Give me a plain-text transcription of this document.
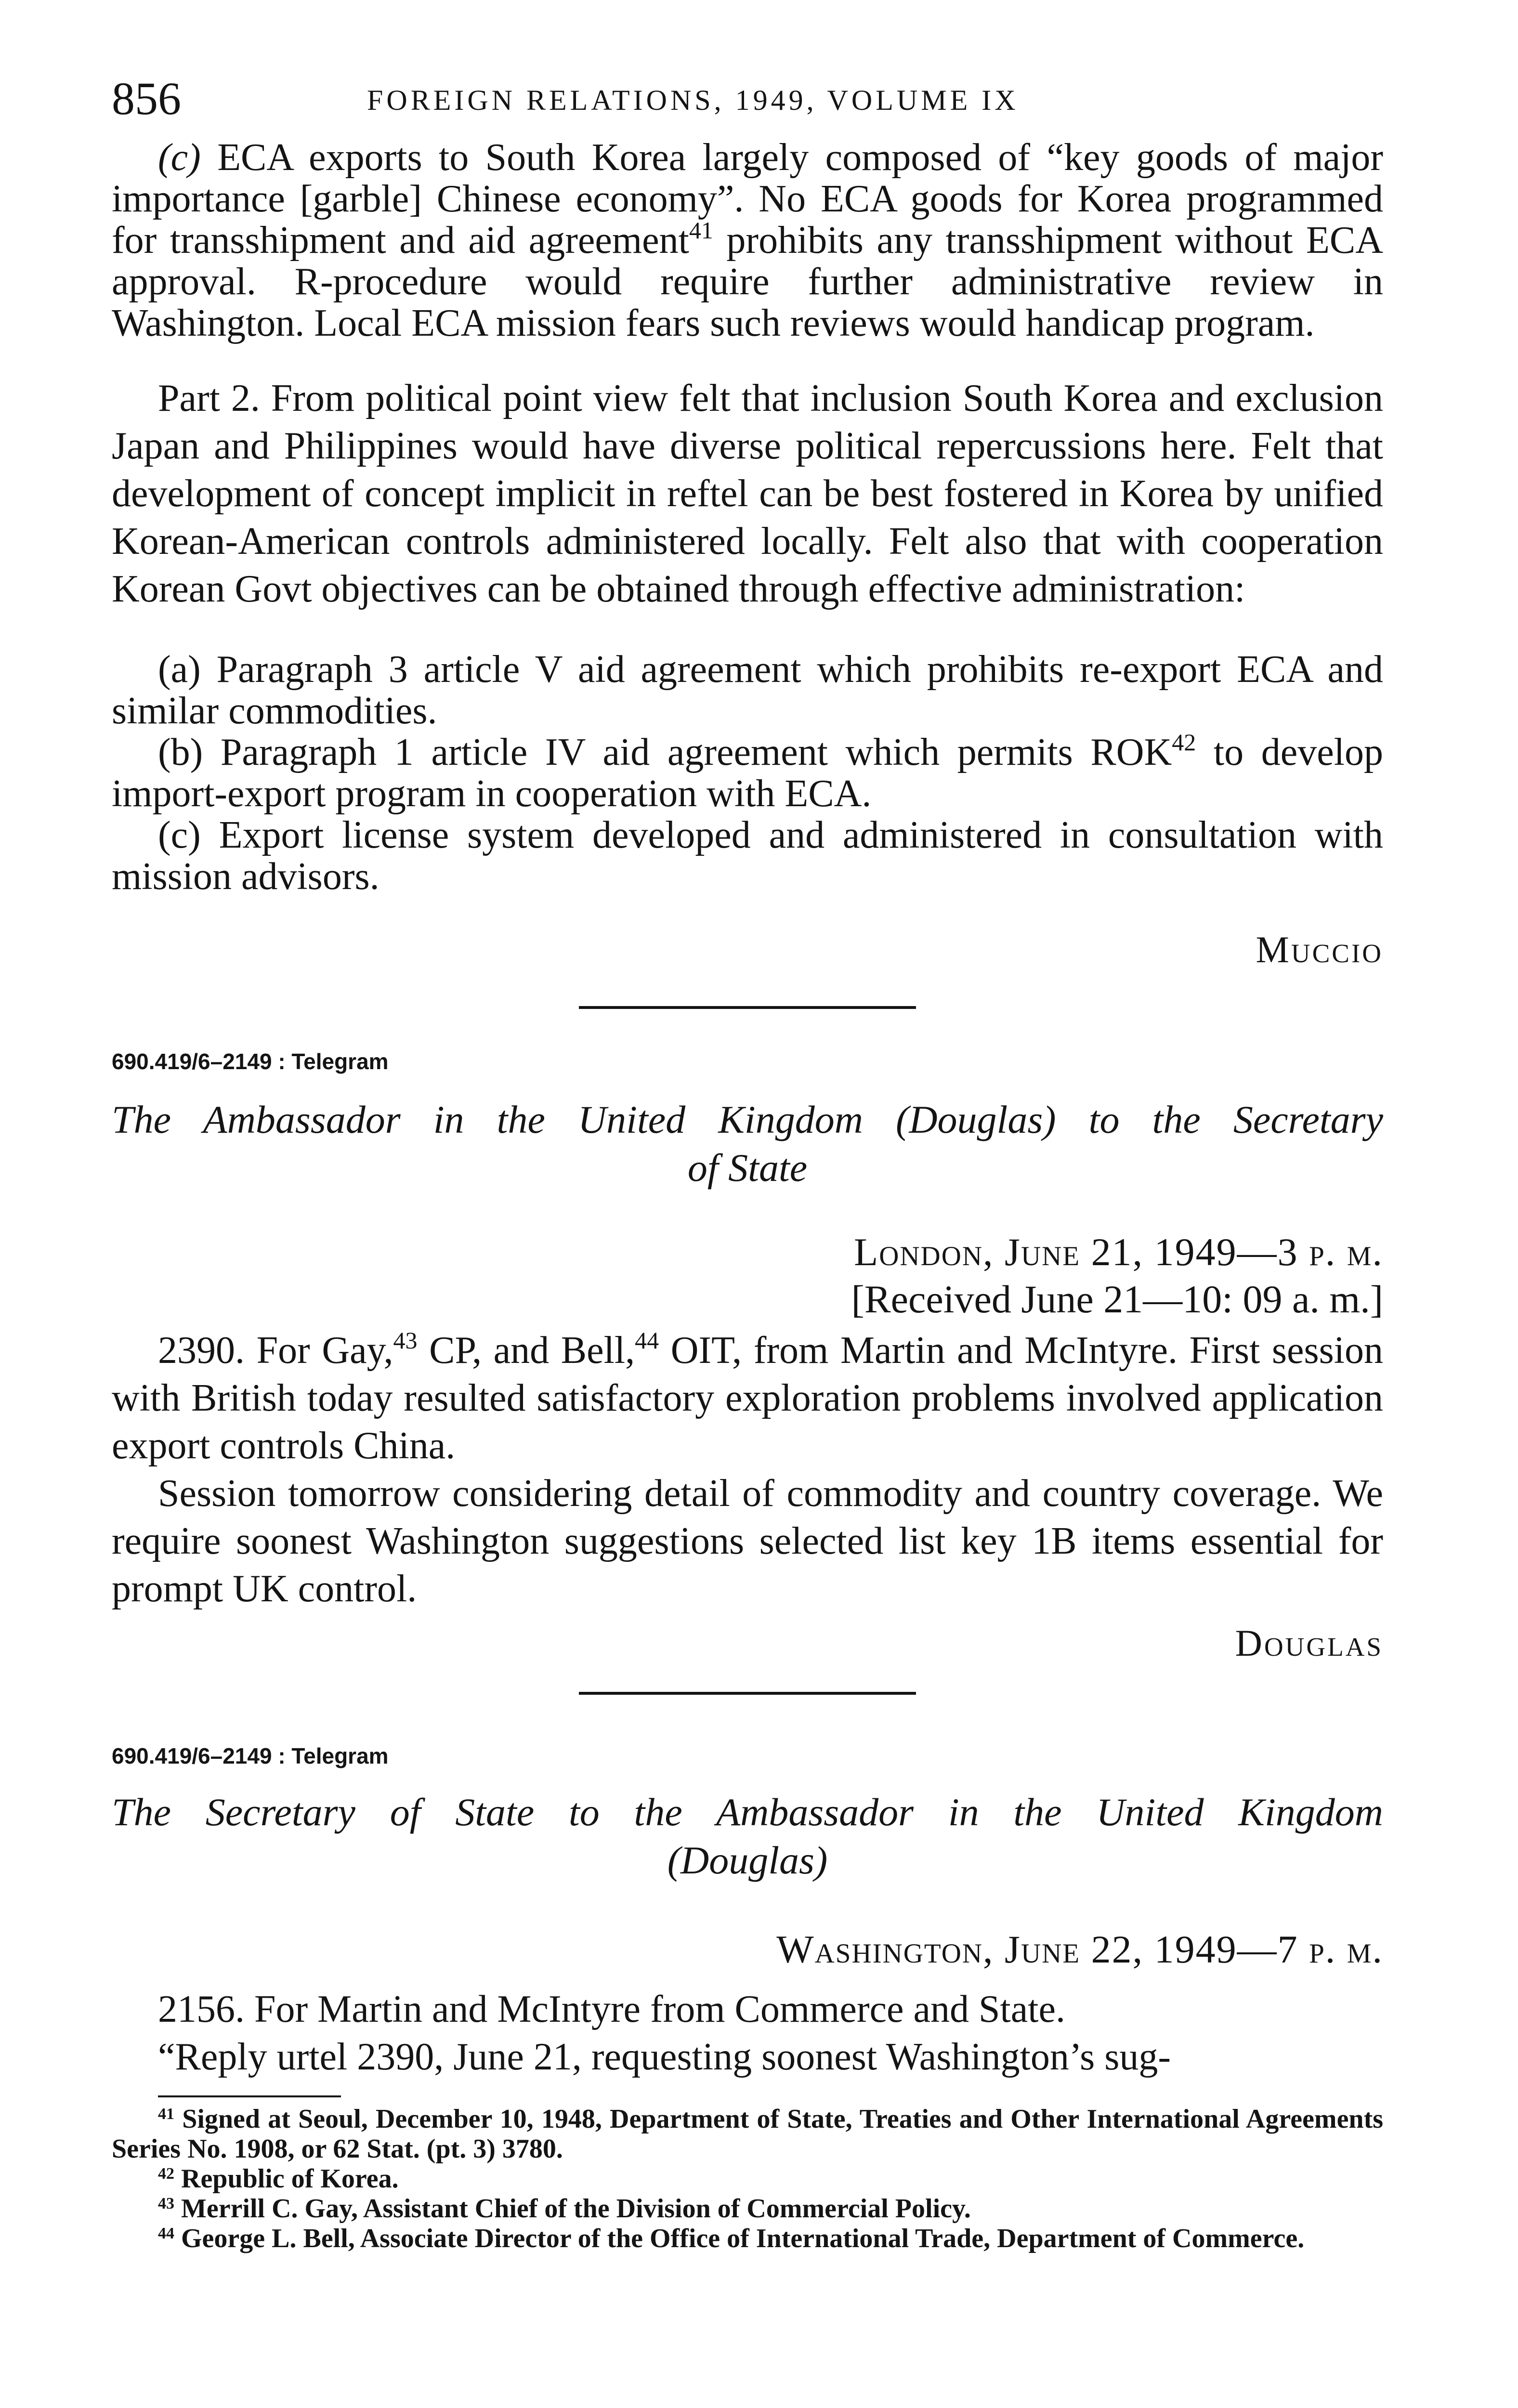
856	FOREIGN RELATIONS, 1949, VOLUME IX

(c) ECA exports to South Korea largely composed of “key goods of major importance [garble] Chinese economy”. No ECA goods for Korea programmed for transshipment and aid agreement$^{41}$ prohibits any transshipment without ECA approval. R-procedure would require further administrative review in Washington. Local ECA mission fears such reviews would handicap program.

Part 2. From political point view felt that inclusion South Korea and exclusion Japan and Philippines would have diverse political repercussions here. Felt that development of concept implicit in reftel can be best fostered in Korea by unified Korean-American controls administered locally. Felt also that with cooperation Korean Govt objectives can be obtained through effective administration:

(a) Paragraph 3 article V aid agreement which prohibits re-export ECA and similar commodities.

(b) Paragraph 1 article IV aid agreement which permits ROK$^{42}$ to develop import-export program in cooperation with ECA.

(c) Export license system developed and administered in consultation with mission advisors.

Muccio
690.419/6–2149 : Telegram
The Ambassador in the United Kingdom (Douglas) to the Secretary
of State
London, June 21, 1949—3 p. m.
[Received June 21—10: 09 a. m.]

2390. For Gay,$^{43}$ CP, and Bell,$^{44}$ OIT, from Martin and McIntyre. First session with British today resulted satisfactory exploration problems involved application export controls China.

Session tomorrow considering detail of commodity and country coverage. We require soonest Washington suggestions selected list key 1B items essential for prompt UK control.

Douglas
690.419/6–2149 : Telegram
The Secretary of State to the Ambassador in the United Kingdom
(Douglas)
Washington, June 22, 1949—7 p. m.

2156. For Martin and McIntyre from Commerce and State.

“Reply urtel 2390, June 21, requesting soonest Washington’s sug-

$^{41}$ Signed at Seoul, December 10, 1948, Department of State, Treaties and Other International Agreements Series No. 1908, or 62 Stat. (pt. 3) 3780.

$^{42}$ Republic of Korea.

$^{43}$ Merrill C. Gay, Assistant Chief of the Division of Commercial Policy.

$^{44}$ George L. Bell, Associate Director of the Office of International Trade, Department of Commerce.
